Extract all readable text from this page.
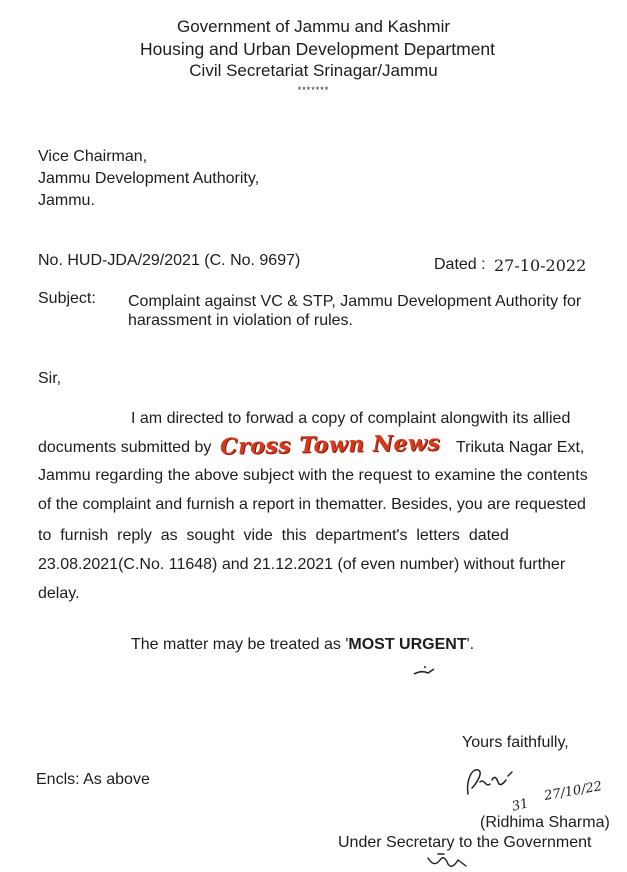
Government of Jammu and Kashmir
Housing and Urban Development Department
Civil Secretariat Srinagar/Jammu
*******
Vice Chairman,
Jammu Development Authority,
Jammu.
No. HUD-JDA/29/2021 (C. No. 9697)	Dated : 27-10-2022
Subject: Complaint against VC & STP, Jammu Development Authority for
harassment in violation of rules.
Sir,
I am directed to forwad a copy of complaint alongwith its allied
documents submitted by	Trikuta Nagar Ext,
Jammu regarding the above subject with the request to examine the contents
of the complaint and furnish a report in thematter. Besides, you are requested
to  furnish  reply  as  sought  vide  this  department's  letters  dated
23.08.2021(C.No. 11648) and 21.12.2021 (of even number) without further
delay.
The matter may be treated as 'MOST URGENT'.
Cross Town News
Yours faithfully,
Encls: As above
31
27/10/22
(Ridhima Sharma)
Under Secretary to the Government
